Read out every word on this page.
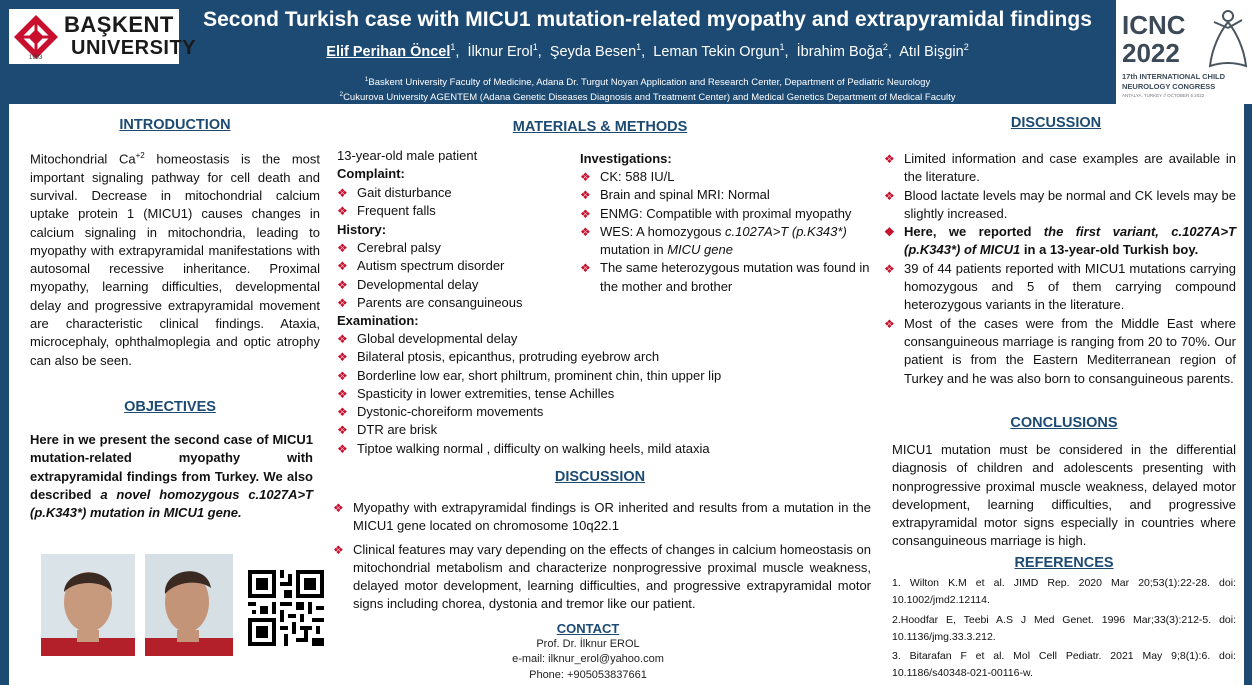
BAŞKENT
UNIVERSITY
1993
ICNC
2022
17th INTERNATIONAL CHILD
NEUROLOGY CONGRESS
ANTALYA, TURKEY // OCTOBER 5 2022
Second Turkish case with MICU1 mutation-related myopathy and extrapyramidal findings
Elif Perihan Öncel$^1$,  İlknur Erol$^1$,  Şeyda Besen$^1$,  Leman Tekin Orgun$^1$,  İbrahim Boğa$^2$,  Atıl Bişgin$^2$
$^1$Baskent University Faculty of Medicine, Adana Dr. Turgut Noyan Application and Research Center, Department of Pediatric Neurology
$^2$Cukurova University AGENTEM (Adana Genetic Diseases Diagnosis and Treatment Center) and Medical Genetics Department of Medical Faculty
INTRODUCTION

Mitochondrial $Ca^{+2}$ homeostasis is the most important signaling pathway for cell death and survival. Decrease in mitochondrial calcium uptake protein 1 (MICU1) causes changes in calcium signaling in mitochondria, leading to myopathy with extrapyramidal manifestations with autosomal recessive inheritance. Proximal myopathy, learning difficulties, developmental delay and progressive extrapyramidal movement are characteristic clinical findings. Ataxia, microcephaly, ophthalmoplegia and optic atrophy can also be seen.

OBJECTIVES

Here in we present the second case of MICU1 mutation-related myopathy with extrapyramidal findings from Turkey. We also described a novel homozygous c.1027A>T (p.K343*) mutation in MICU1 gene.

MATERIALS & METHODS
13-year-old male patient
Complaint:
❖ Gait disturbance
❖ Frequent falls
History:
❖ Cerebral palsy
❖ Autism spectrum disorder
❖ Developmental delay
❖ Parents are consanguineous
Examination:
❖ Global developmental delay
❖ Bilateral ptosis, epicanthus, protruding eyebrow arch
❖ Borderline low ear, short philtrum, prominent chin, thin upper lip
❖ Spasticity in lower extremities, tense Achilles
❖ Dystonic-choreiform movements
❖ DTR are brisk
❖ Tiptoe walking normal , difficulty on walking heels, mild ataxia
Investigations:
❖ CK: 588 IU/L
❖ Brain and spinal MRI: Normal
❖ ENMG: Compatible with proximal myopathy
❖ WES: A homozygous c.1027A>T (p.K343*) mutation in MICU gene
❖ The same heterozygous mutation was found in the mother and brother
DISCUSSION
❖ Myopathy with extrapyramidal findings is OR inherited and results from a mutation in the MICU1 gene located on chromosome 10q22.1
❖ Clinical features may vary depending on the effects of changes in calcium homeostasis on mitochondrial metabolism and characterize nonprogressive proximal muscle weakness, delayed motor development, learning difficulties, and progressive extrapyramidal motor signs including chorea, dystonia and tremor like our patient.
CONTACT
Prof. Dr. İlknur EROL
e-mail: ilknur_erol@yahoo.com
Phone: +905053837661
DISCUSSION
❖ Limited information and case examples are available in the literature.
❖ Blood lactate levels may be normal and CK levels may be slightly increased.
❖ Here, we reported the first variant, c.1027A>T (p.K343*) of MICU1 in a 13-year-old Turkish boy.
❖ 39 of 44 patients reported with MICU1 mutations carrying homozygous and 5 of them carrying compound heterozygous variants in the literature.
❖ Most of the cases were from the Middle East where consanguineous marriage is ranging from 20 to 70%. Our patient is from the Eastern Mediterranean region of Turkey and he was also born to consanguineous parents.
CONCLUSIONS

MICU1 mutation must be considered in the differential diagnosis of children and adolescents presenting with nonprogressive proximal muscle weakness, delayed motor development, learning difficulties, and progressive extrapyramidal motor signs especially in countries where consanguineous marriage is high.

REFERENCES

1. Wilton K.M et al. JIMD Rep. 2020 Mar 20;53(1):22-28. doi: 10.1002/jmd2.12114.

2.Hoodfar E, Teebi A.S J Med Genet. 1996 Mar;33(3):212-5. doi: 10.1136/jmg.33.3.212.

3. Bitarafan F et al. Mol Cell Pediatr. 2021 May 9;8(1):6. doi: 10.1186/s40348-021-00116-w.
